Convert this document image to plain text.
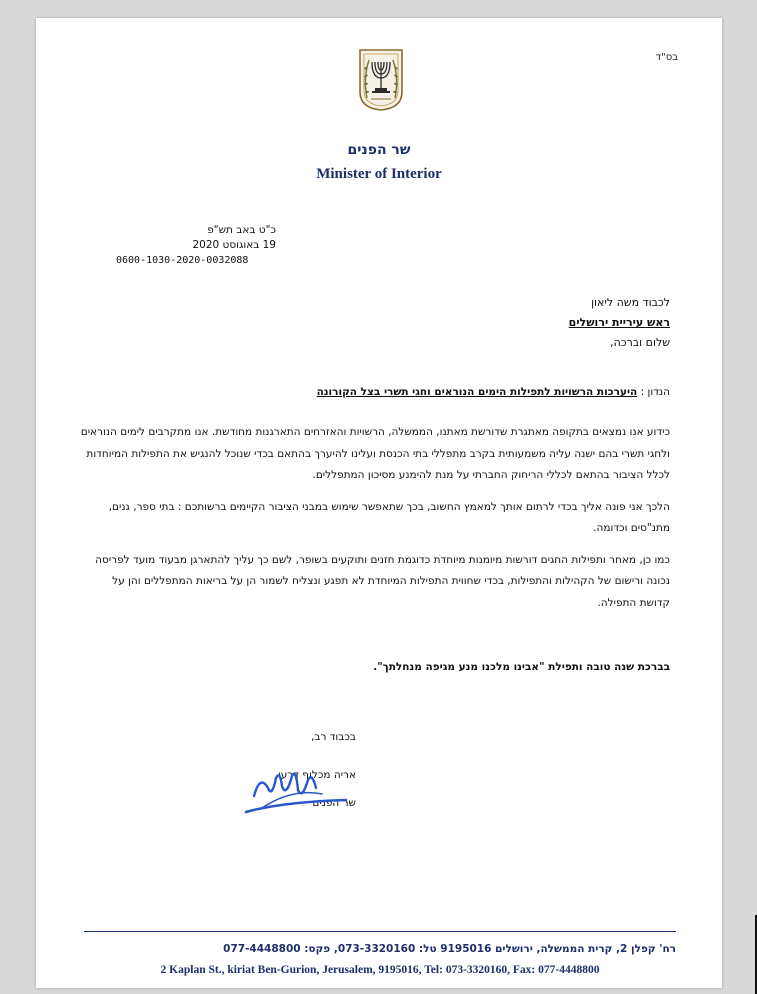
בס"ד
שר הפנים
Minister of Interior
כ"ט באב תש"פ
19 באוגוסט 2020
0600-1030-2020-0032088
לכבוד משה ליאון
ראש עיריית ירושלים
שלום וברכה,
הנדון : היערכות הרשויות לתפילות הימים הנוראים וחגי תשרי בצל הקורונה

כידוע אנו נמצאים בתקופה מאתגרת שדורשת מאתנו, הממשלה, הרשויות והאזרחים התארגנות מחודשת. אנו מתקרבים לימים הנוראים ולחגי תשרי בהם ישנה עליה משמעותית בקרב מתפללי בתי הכנסת ועלינו להיערך בהתאם בכדי שנוכל להנגיש את התפילות המיוחדות לכלל הציבור בהתאם לכללי הריחוק החברתי על מנת להימנע מסיכון המתפללים.

הלכך אני פונה אליך בכדי לרתום אותך למאמץ החשוב, בכך שתאפשר שימוש במבני הציבור הקיימים ברשותכם : בתי ספר, גנים, מתנ"סים וכדומה.

כמו כן, מאחר ותפילות החגים דורשות מיומנות מיוחדת כדוגמת חזנים ותוקעים בשופר, לשם כך עליך להתארגן מבעוד מועד לפריסה נכונה ורישום של הקהילות והתפילות, בכדי שחווית התפילות המיוחדת לא תפגע ונצליח לשמור הן על בריאות המתפללים והן על קדושת התפילה.

בברכת שנה טובה ותפילת "אבינו מלכנו מנע מגיפה מנחלתך".
בכבוד רב,
אריה מכלוף דרעי
שר הפנים
רח' קפלן 2, קרית הממשלה, ירושלים 9195016 טל: 073-3320160, פקס: 077-4448800
2 Kaplan St., kiriat Ben-Gurion, Jerusalem, 9195016, Tel: 073-3320160, Fax: 077-4448800
